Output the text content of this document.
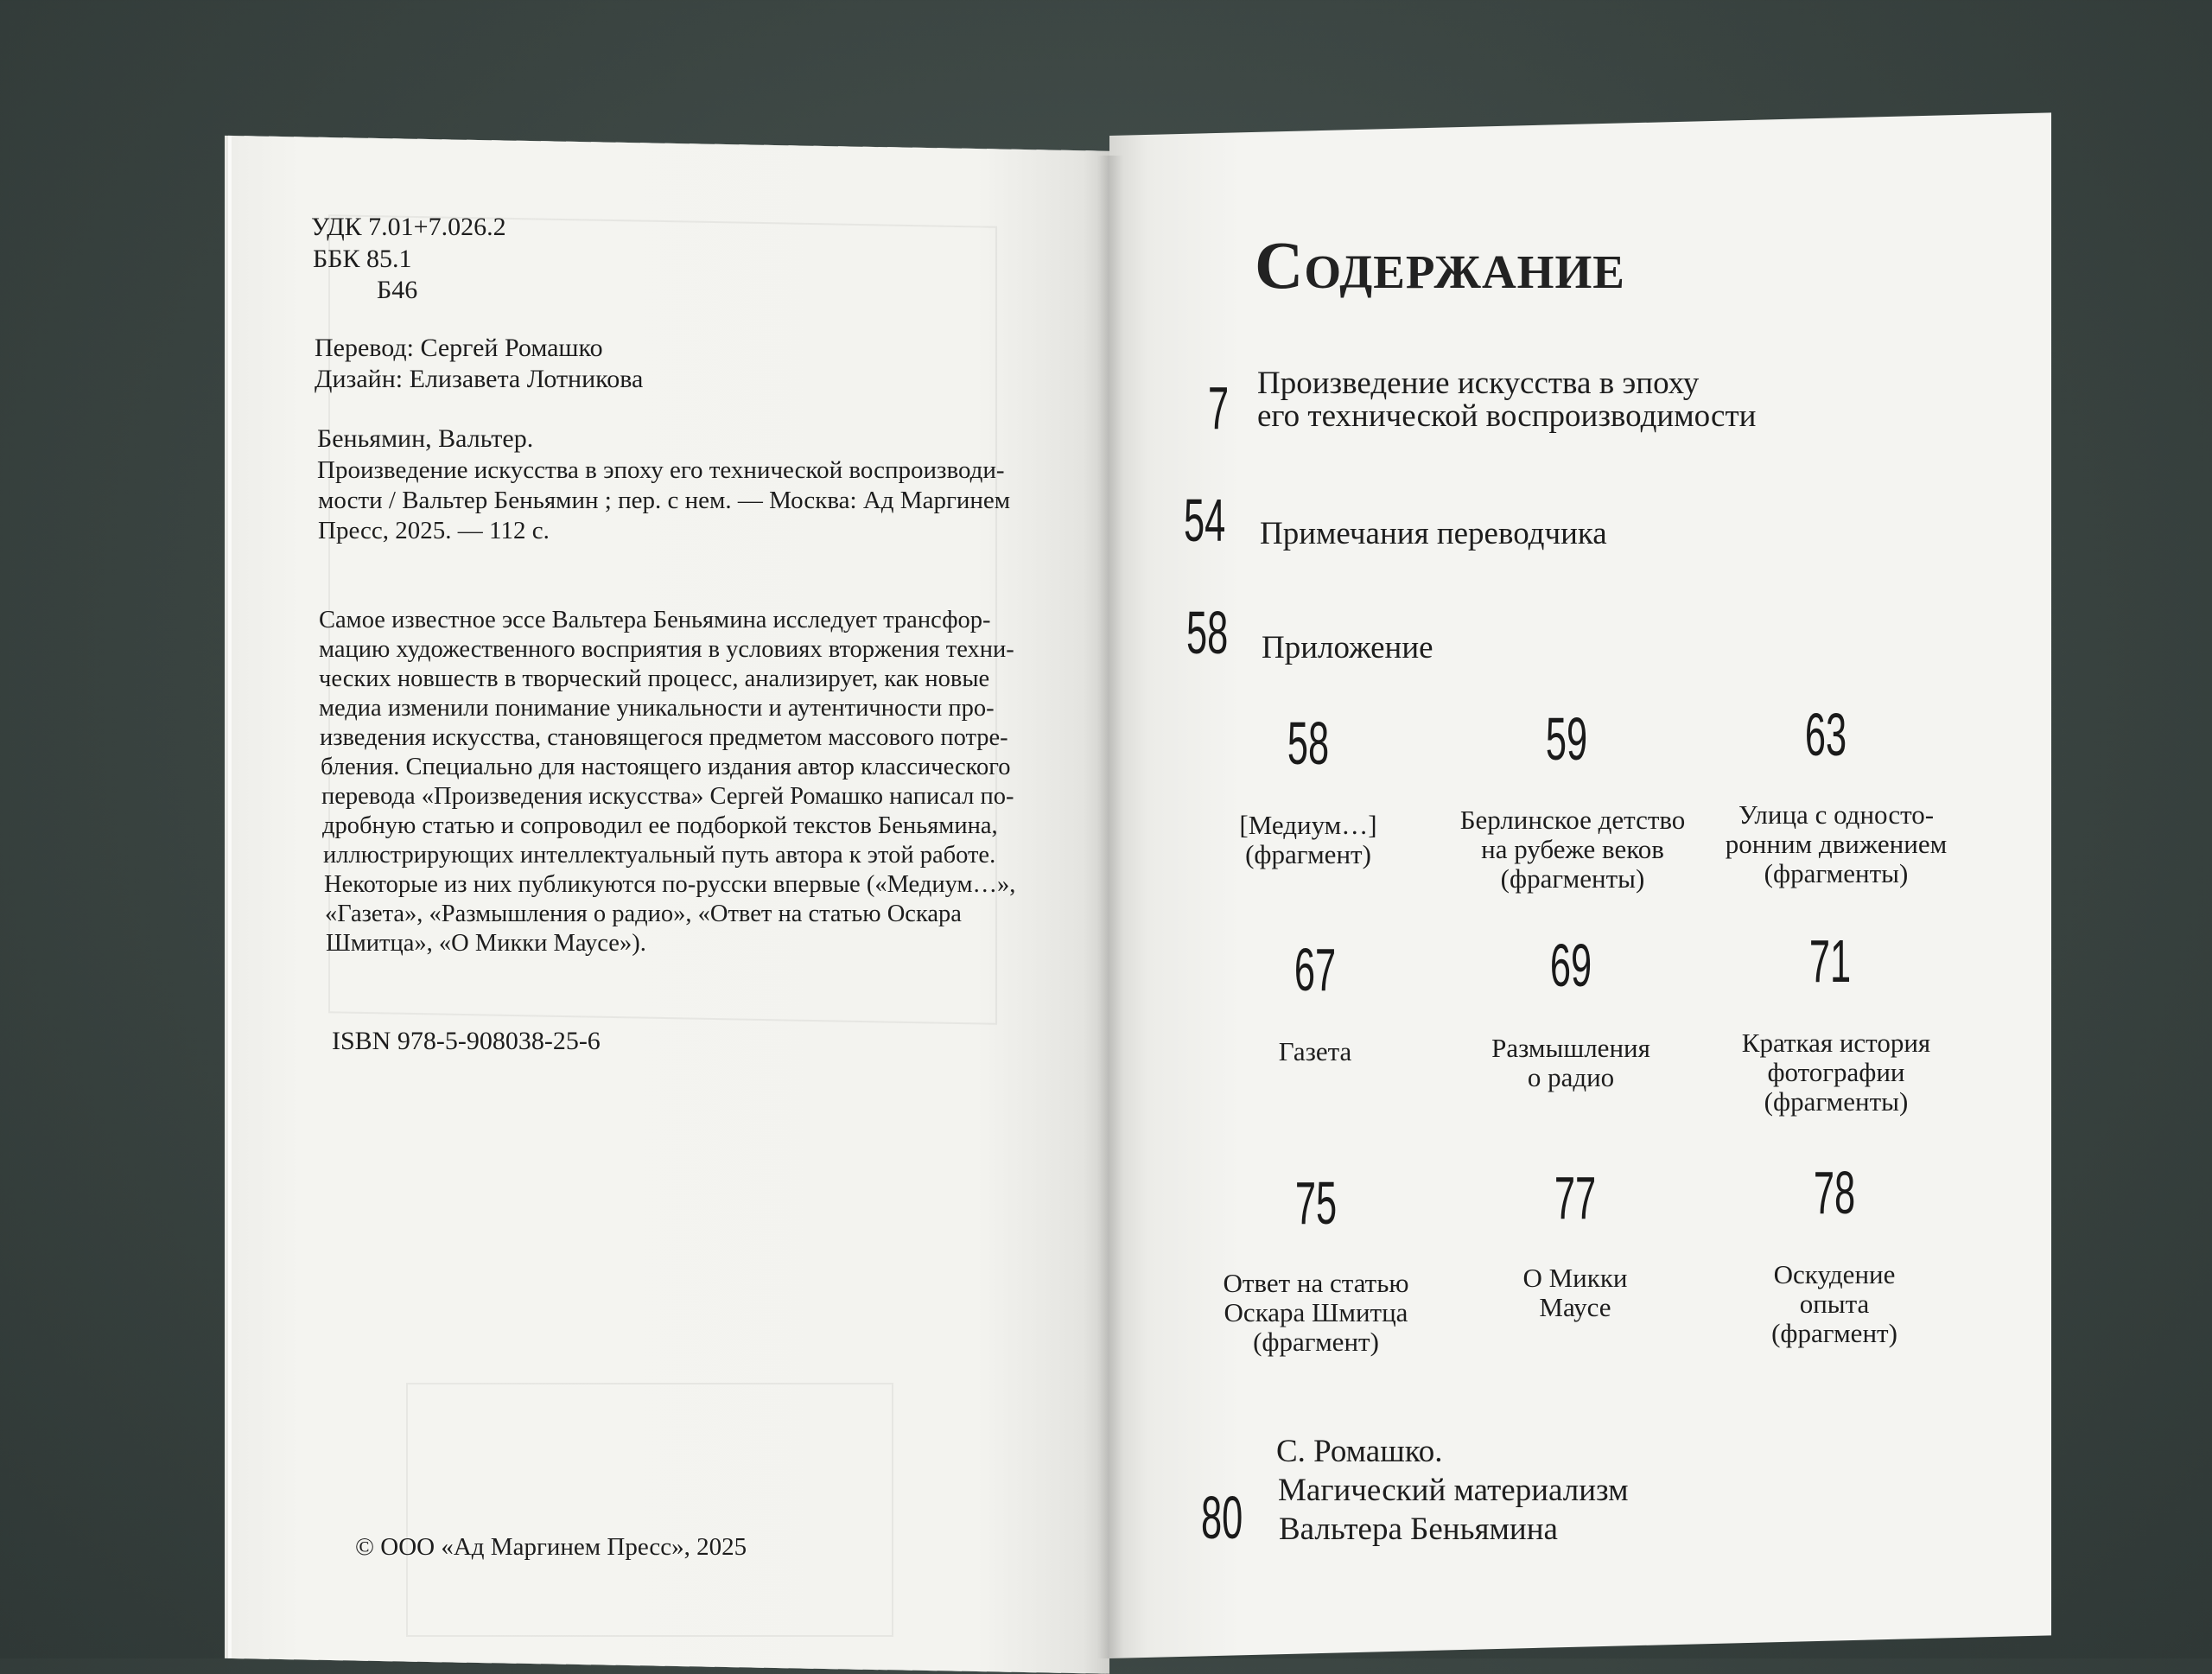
УДК 7.01+7.026.2
ББК 85.1
Б46
Перевод: Сергей Ромашко
Дизайн: Елизавета Лотникова
Беньямин, Вальтер.
Произведение искусства в эпоху его технической воспроизводи-
мости / Вальтер Беньямин ; пер. с нем. — Москва: Ад Маргинем
Пресс, 2025. — 112 с.
Самое известное эссе Вальтера Беньямина исследует трансфор-
мацию художественного восприятия в условиях вторжения техни-
ческих новшеств в творческий процесс, анализирует, как новые
медиа изменили понимание уникальности и аутентичности про-
изведения искусства, становящегося предметом массового потре-
бления. Специально для настоящего издания автор классического
перевода «Произведения искусства» Сергей Ромашко написал по-
дробную статью и сопроводил ее подборкой текстов Беньямина,
иллюстрирующих интеллектуальный путь автора к этой работе.
Некоторые из них публикуются по-русски впервые («Медиум…»,
«Газета», «Размышления о радио», «Ответ на статью Оскара
Шмитца», «О Микки Маусе»).
ISBN 978-5-908038-25-6
© ООО «Ад Маргинем Пресс», 2025
Содержание
7 Произведение искусства в эпоху
его технической воспроизводимости
54 Примечания переводчика
58 Приложение
58
[Медиум…]
(фрагмент)
59
Берлинское детство
на рубеже веков
(фрагменты)
63
Улица с односто-
ронним движением
(фрагменты)
67
Газета
69
Размышления
о радио
71
Краткая история
фотографии
(фрагменты)
75
Ответ на статью
Оскара Шмитца
(фрагмент)
77
О Микки
Маусе
78
Оскудение
опыта
(фрагмент)
80
С. Ромашко.
Магический материализм
Вальтера Беньямина
